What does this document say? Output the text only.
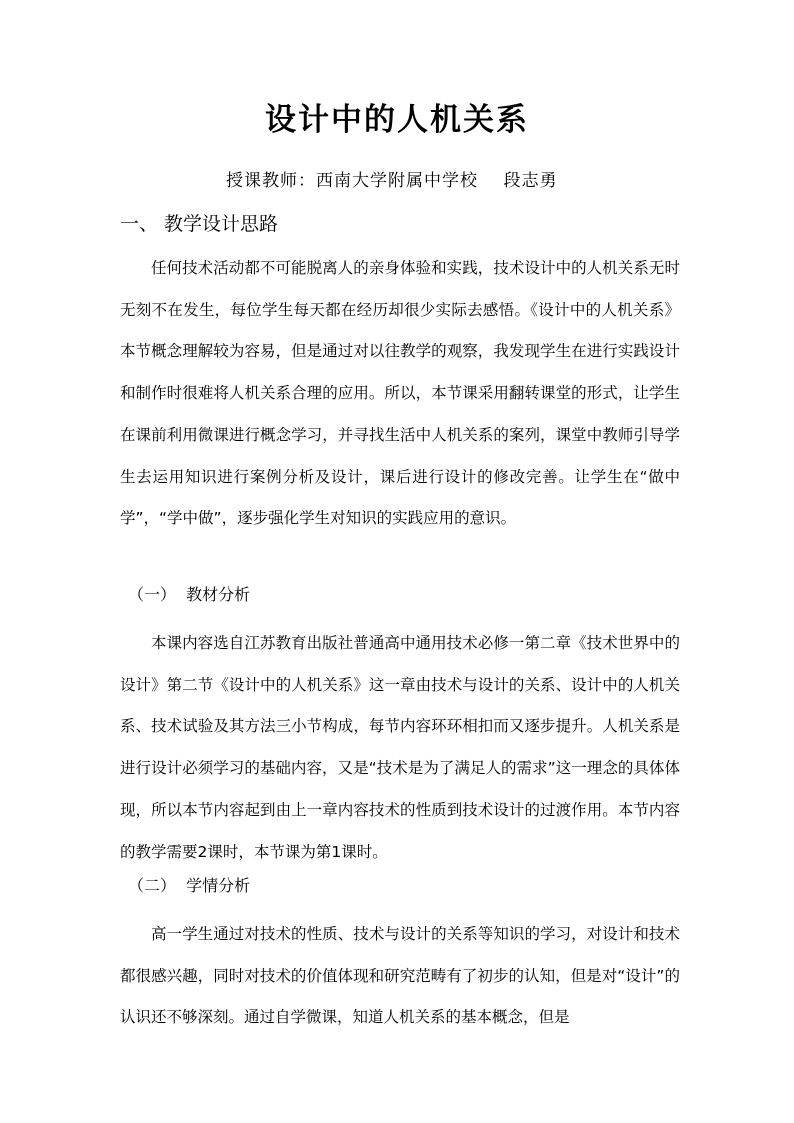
设计中的人机关系
授课教师：西南大学附属中学校    段志勇
一、 教学设计思路
任何技术活动都不可能脱离人的亲身体验和实践，技术设计中的人机关系无时无刻不在发生，每位学生每天都在经历却很少实际去感悟。《设计中的人机关系》本节概念理解较为容易，但是通过对以往教学的观察，我发现学生在进行实践设计和制作时很难将人机关系合理的应用。所以，本节课采用翻转课堂的形式，让学生在课前利用微课进行概念学习，并寻找生活中人机关系的案列，课堂中教师引导学生去运用知识进行案例分析及设计，课后进行设计的修改完善。让学生在“做中学”，“学中做”，逐步强化学生对知识的实践应用的意识。
（一）  教材分析
本课内容选自江苏教育出版社普通高中通用技术必修一第二章《技术世界中的设计》第二节《设计中的人机关系》这一章由技术与设计的关系、设计中的人机关系、技术试验及其方法三小节构成，每节内容环环相扣而又逐步提升。人机关系是进行设计必须学习的基础内容，又是“技术是为了满足人的需求”这一理念的具体体现，所以本节内容起到由上一章内容技术的性质到技术设计的过渡作用。本节内容的教学需要2课时，本节课为第1课时。
（二）  学情分析
高一学生通过对技术的性质、技术与设计的关系等知识的学习，对设计和技术都很感兴趣，同时对技术的价值体现和研究范畴有了初步的认知，但是对“设计”的认识还不够深刻。通过自学微课，知道人机关系的基本概念，但是
